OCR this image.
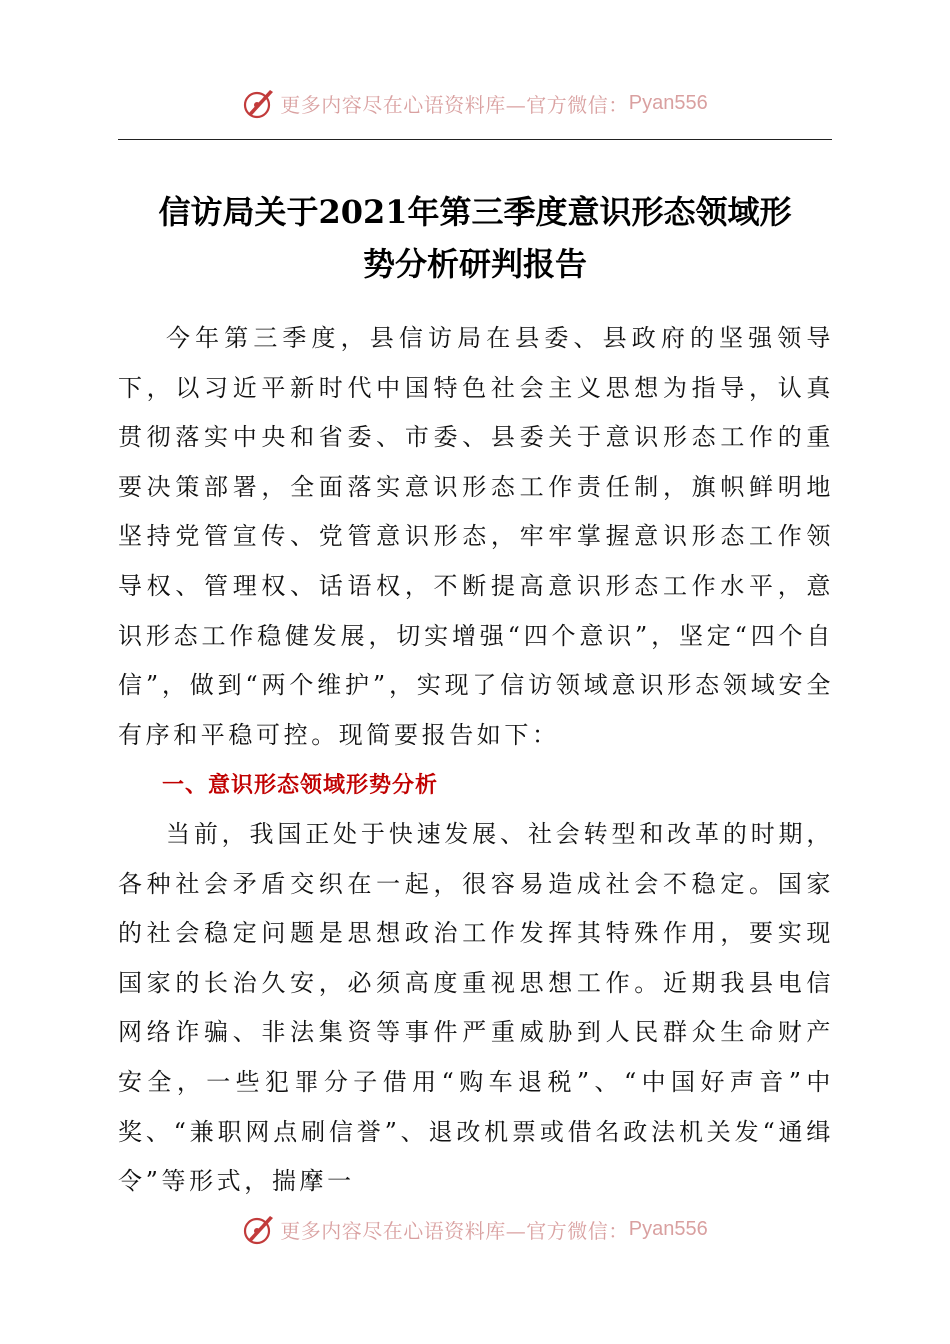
更多内容尽在心语资料库—官方微信： Pyan556
信访局关于2021年第三季度意识形态领域形
势分析研判报告

今年第三季度，县信访局在县委、县政府的坚强领导下，以习近平新时代中国特色社会主义思想为指导，认真贯彻落实中央和省委、市委、县委关于意识形态工作的重要决策部署，全面落实意识形态工作责任制，旗帜鲜明地坚持党管宣传、党管意识形态，牢牢掌握意识形态工作领导权、管理权、话语权，不断提高意识形态工作水平，意识形态工作稳健发展，切实增强“四个意识”，坚定“四个自信”，做到“两个维护”，实现了信访领域意识形态领域安全有序和平稳可控。现简要报告如下：

一、意识形态领域形势分析

当前，我国正处于快速发展、社会转型和改革的时期，各种社会矛盾交织在一起，很容易造成社会不稳定。国家的社会稳定问题是思想政治工作发挥其特殊作用，要实现国家的长治久安，必须高度重视思想工作。近期我县电信网络诈骗、非法集资等事件严重威胁到人民群众生命财产安全，一些犯罪分子借用“购车退税”、“中国好声音”中奖、“兼职网点刷信誉”、退改机票或借名政法机关发“通缉令”等形式，揣摩一

更多内容尽在心语资料库—官方微信： Pyan556
